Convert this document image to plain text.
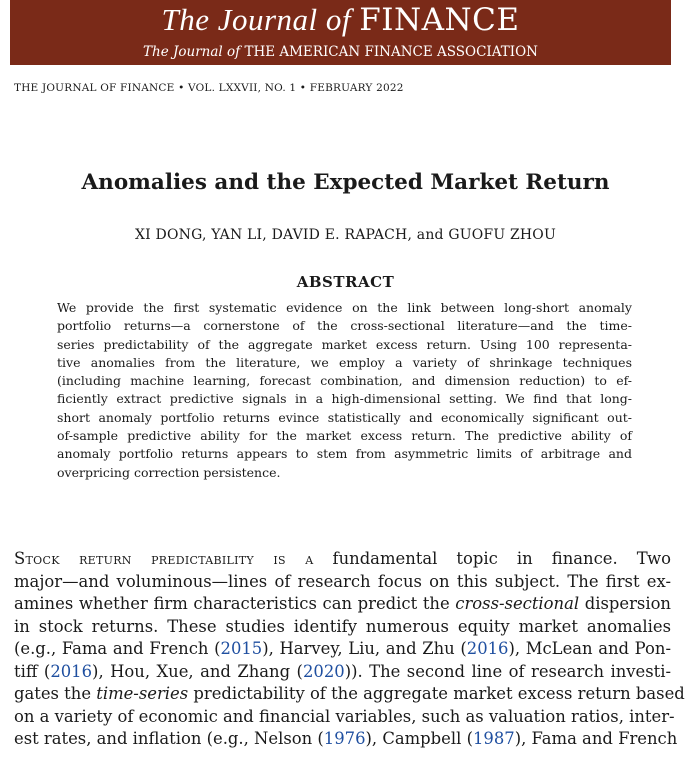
The Journal of FINANCE
The Journal of THE AMERICAN FINANCE ASSOCIATION
THE JOURNAL OF FINANCE • VOL. LXXVII, NO. 1 • FEBRUARY 2022
Anomalies and the Expected Market Return
XI DONG, YAN LI, DAVID E. RAPACH, and GUOFU ZHOU
ABSTRACT
We provide the first systematic evidence on the link between long-short anomaly
portfolio returns—a cornerstone of the cross-sectional literature—and the time-
series predictability of the aggregate market excess return. Using 100 representa-
tive anomalies from the literature, we employ a variety of shrinkage techniques
(including machine learning, forecast combination, and dimension reduction) to ef-
ficiently extract predictive signals in a high-dimensional setting. We find that long-
short anomaly portfolio returns evince statistically and economically significant out-
of-sample predictive ability for the market excess return. The predictive ability of
anomaly portfolio returns appears to stem from asymmetric limits of arbitrage and
overpricing correction persistence.
Stock return predictability is a fundamental topic in finance. Two
major—and voluminous—lines of research focus on this subject. The first ex-
amines whether firm characteristics can predict the cross-sectional dispersion
in stock returns. These studies identify numerous equity market anomalies
(e.g., Fama and French (2015), Harvey, Liu, and Zhu (2016), McLean and Pon-
tiff (2016), Hou, Xue, and Zhang (2020)). The second line of research investi-
gates the time-series predictability of the aggregate market excess return based
on a variety of economic and financial variables, such as valuation ratios, inter-
est rates, and inflation (e.g., Nelson (1976), Campbell (1987), Fama and French
